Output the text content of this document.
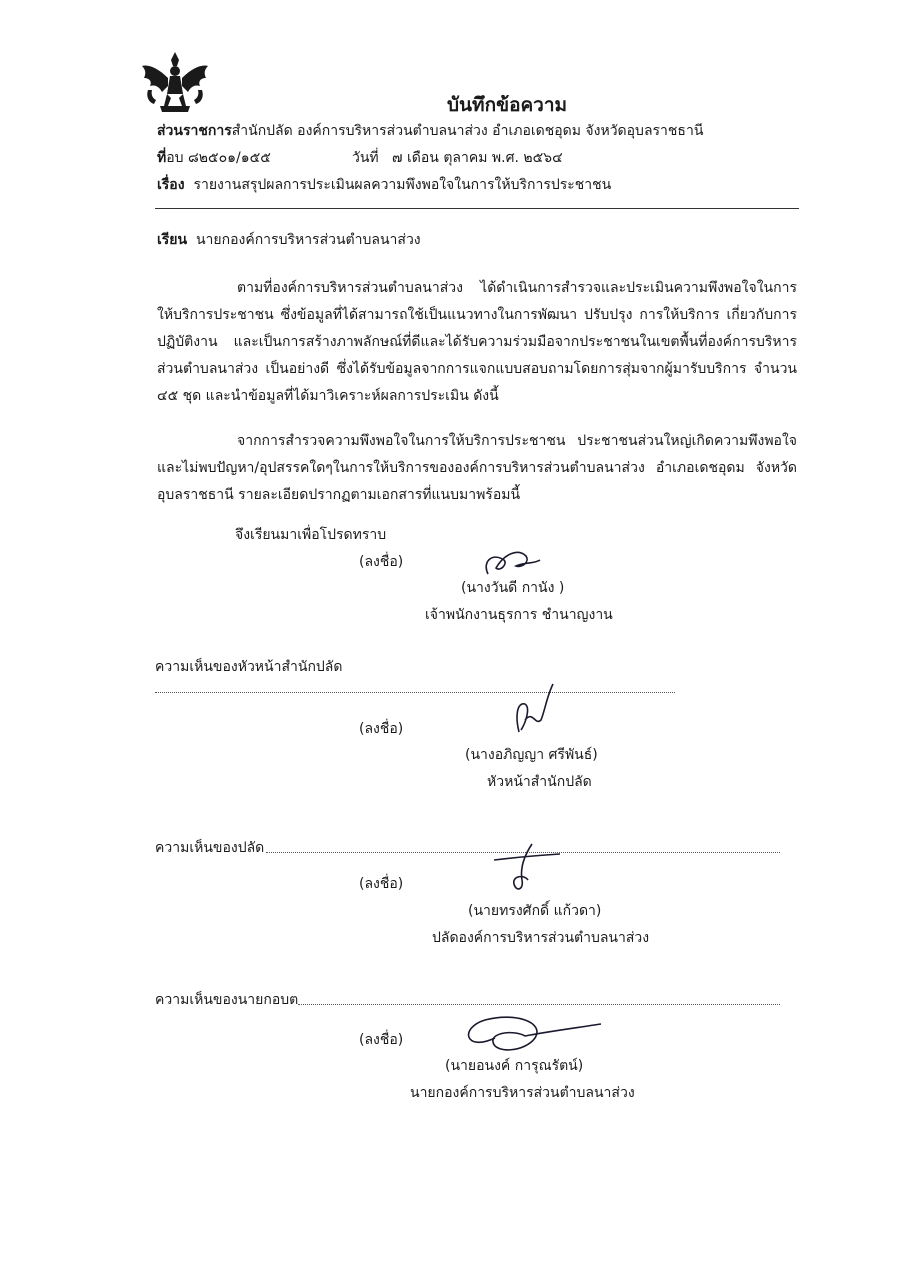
บันทึกข้อความ
ส่วนราชการสำนักปลัด องค์การบริหารส่วนตำบลนาส่วง อำเภอเดชอุดม จังหวัดอุบลราชธานี
ที่อบ ๘๒๕๐๑/๑๕๕	วันที่ ๗ เดือน ตุลาคม พ.ศ. ๒๕๖๔
เรื่อง รายงานสรุปผลการประเมินผลความพึงพอใจในการให้บริการประชาชน
เรียน นายกองค์การบริหารส่วนตำบลนาส่วง
ตามที่องค์การบริหารส่วนตำบลนาส่วง ได้ดำเนินการสำรวจและประเมินความพึงพอใจในการให้บริการประชาชน ซึ่งข้อมูลที่ได้สามารถใช้เป็นแนวทางในการพัฒนา ปรับปรุง การให้บริการ เกี่ยวกับการปฏิบัติงาน และเป็นการสร้างภาพลักษณ์ที่ดีและได้รับความร่วมมือจากประชาชนในเขตพื้นที่องค์การบริหารส่วนตำบลนาส่วง เป็นอย่างดี ซึ่งได้รับข้อมูลจากการแจกแบบสอบถามโดยการสุ่มจากผู้มารับบริการ จำนวน ๔๕ ชุด และนำข้อมูลที่ได้มาวิเคราะห์ผลการประเมิน ดังนี้
จากการสำรวจความพึงพอใจในการให้บริการประชาชน ประชาชนส่วนใหญ่เกิดความพึงพอใจ และไม่พบปัญหา/อุปสรรคใดๆในการให้บริการขององค์การบริหารส่วนตำบลนาส่วง อำเภอเดชอุดม จังหวัดอุบลราชธานี รายละเอียดปรากฏตามเอกสารที่แนบมาพร้อมนี้
จึงเรียนมาเพื่อโปรดทราบ
(ลงชื่อ)
(นางวันดี กานัง )
เจ้าพนักงานธุรการ ชำนาญงาน
ความเห็นของหัวหน้าสำนักปลัด
(ลงชื่อ)
(นางอภิญญา ศรีพันธ์)
หัวหน้าสำนักปลัด
ความเห็นของปลัด
(ลงชื่อ)
(นายทรงศักดิ์ แก้วดา)
ปลัดองค์การบริหารส่วนตำบลนาส่วง
ความเห็นของนายกอบต
(ลงชื่อ)
(นายอนงค์ การุณรัตน์)
นายกองค์การบริหารส่วนตำบลนาส่วง
